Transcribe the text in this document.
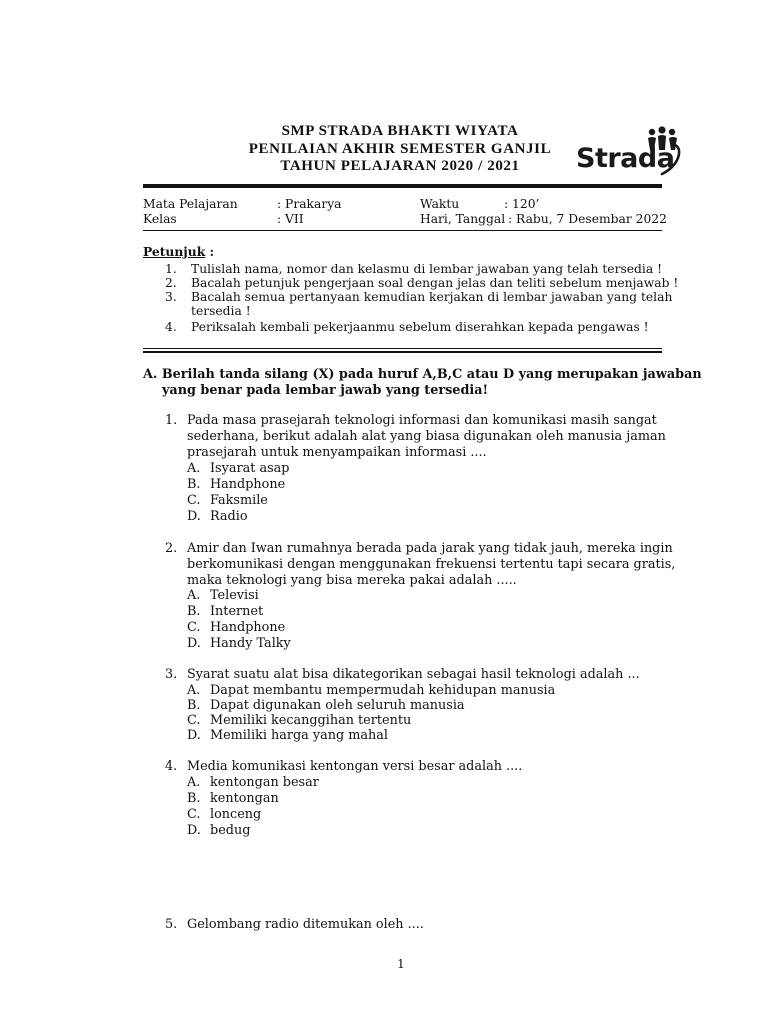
SMP STRADA BHAKTI WIYATA
PENILAIAN AKHIR SEMESTER GANJIL
TAHUN PELAJARAN 2020 / 2021	Strada
Mata Pelajaran	: Prakarya	Waktu	: 120’
Kelas	: VII	Hari, Tanggal : Rabu, 7 Desembar 2022
Petunjuk :
1. Tulislah nama, nomor dan kelasmu di lembar jawaban yang telah tersedia !
2. Bacalah petunjuk pengerjaan soal dengan jelas dan teliti sebelum menjawab !
3. Bacalah semua pertanyaan kemudian kerjakan di lembar jawaban yang telah
tersedia !
4. Periksalah kembali pekerjaanmu sebelum diserahkan kepada pengawas !
A. Berilah tanda silang (X) pada huruf A,B,C atau D yang merupakan jawaban
yang benar pada lembar jawab yang tersedia!
1. Pada masa prasejarah teknologi informasi dan komunikasi masih sangat
sederhana, berikut adalah alat yang biasa digunakan oleh manusia jaman
prasejarah untuk menyampaikan informasi ....
A. Isyarat asap
B. Handphone
C. Faksmile
D. Radio
2. Amir dan Iwan rumahnya berada pada jarak yang tidak jauh, mereka ingin
berkomunikasi dengan menggunakan frekuensi tertentu tapi secara gratis,
maka teknologi yang bisa mereka pakai adalah .....
A. Televisi
B. Internet
C. Handphone
D. Handy Talky
3. Syarat suatu alat bisa dikategorikan sebagai hasil teknologi adalah ...
A. Dapat membantu mempermudah kehidupan manusia
B. Dapat digunakan oleh seluruh manusia
C. Memiliki kecanggihan tertentu
D. Memiliki harga yang mahal
4. Media komunikasi kentongan versi besar adalah ....
A. kentongan besar
B. kentongan
C. lonceng
D. bedug
5. Gelombang radio ditemukan oleh ....
1
